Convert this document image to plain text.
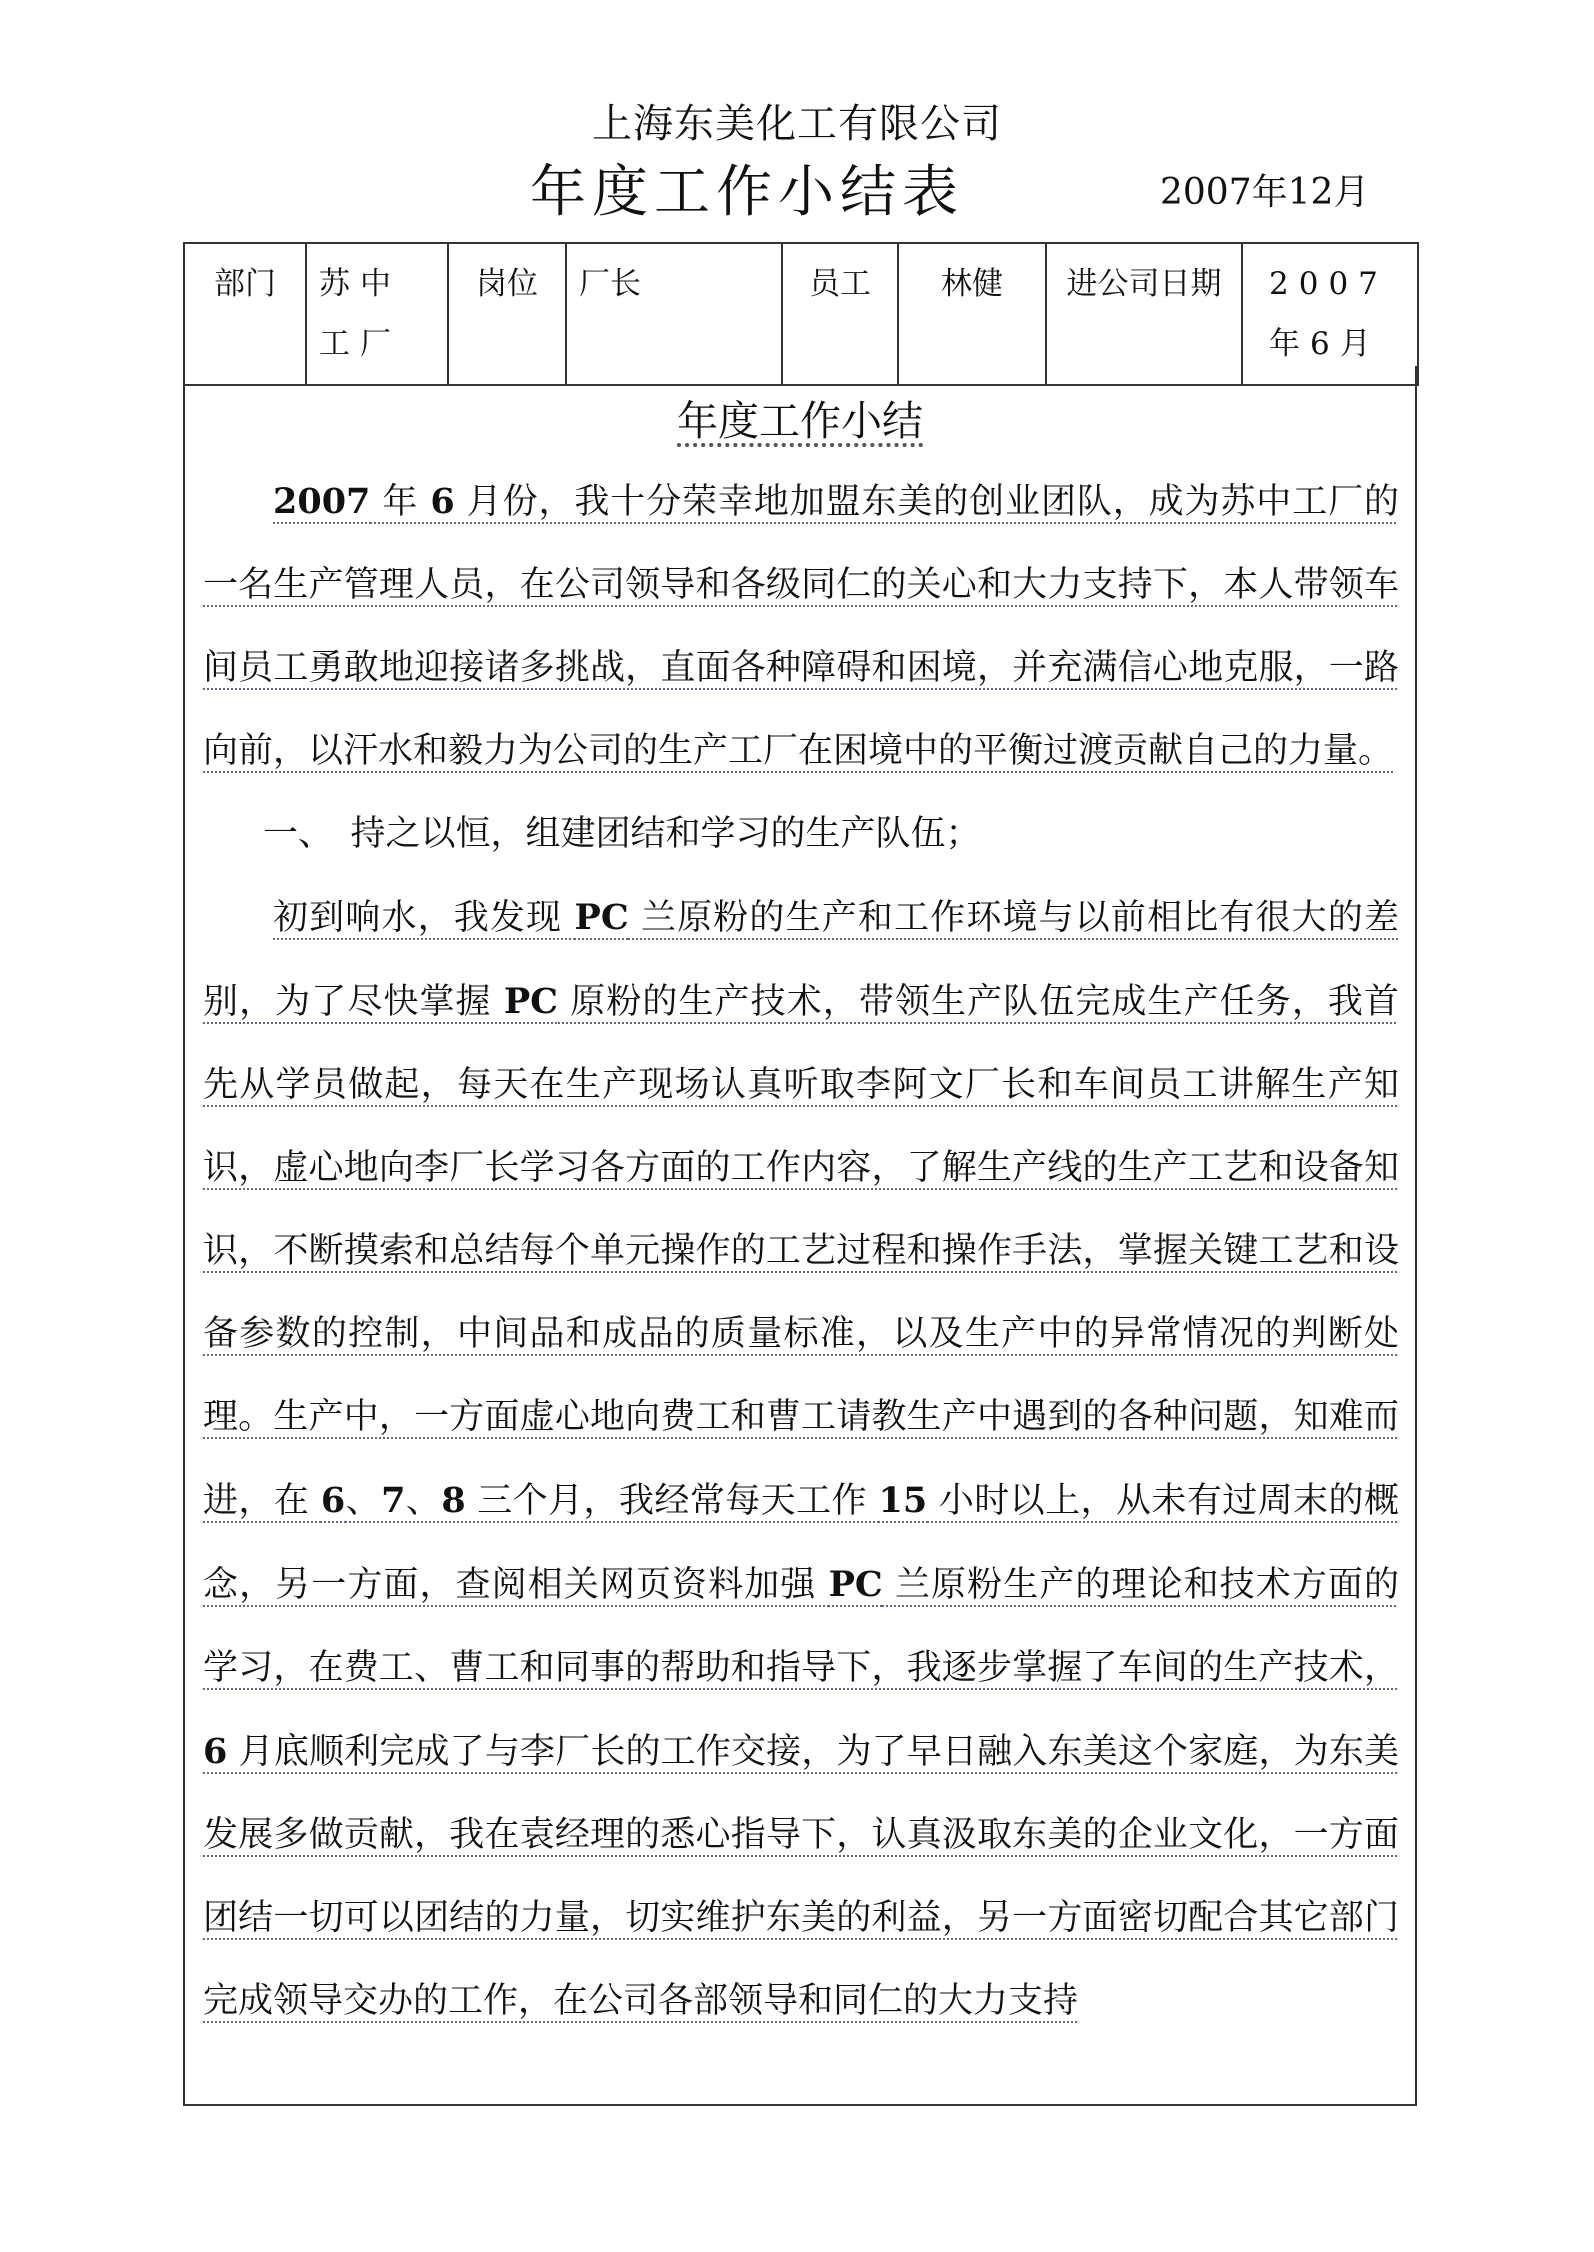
上海东美化工有限公司
年度工作小结表	2007年12月
部门	苏中工厂	岗位	厂长	员工	林健	进公司日期	2007年6月
年度工作小结

2007 年 6 月份，我十分荣幸地加盟东美的创业团队，成为苏中工厂的一名生产管理人员，在公司领导和各级同仁的关心和大力支持下，本人带领车间员工勇敢地迎接诸多挑战，直面各种障碍和困境，并充满信心地克服，一路向前，以汗水和毅力为公司的生产工厂在困境中的平衡过渡贡献自己的力量。

一、　持之以恒，组建团结和学习的生产队伍；

初到响水，我发现 PC 兰原粉的生产和工作环境与以前相比有很大的差别，为了尽快掌握 PC 原粉的生产技术，带领生产队伍完成生产任务，我首先从学员做起，每天在生产现场认真听取李阿文厂长和车间员工讲解生产知识，虚心地向李厂长学习各方面的工作内容，了解生产线的生产工艺和设备知识，不断摸索和总结每个单元操作的工艺过程和操作手法，掌握关键工艺和设备参数的控制，中间品和成品的质量标准，以及生产中的异常情况的判断处理。生产中，一方面虚心地向费工和曹工请教生产中遇到的各种问题，知难而进，在 6、7、8 三个月，我经常每天工作 15 小时以上，从未有过周末的概念，另一方面，查阅相关网页资料加强 PC 兰原粉生产的理论和技术方面的学习，在费工、曹工和同事的帮助和指导下，我逐步掌握了车间的生产技术，6 月底顺利完成了与李厂长的工作交接，为了早日融入东美这个家庭，为东美发展多做贡献，我在袁经理的悉心指导下，认真汲取东美的企业文化，一方面团结一切可以团结的力量，切实维护东美的利益，另一方面密切配合其它部门完成领导交办的工作，在公司各部领导和同仁的大力支持
